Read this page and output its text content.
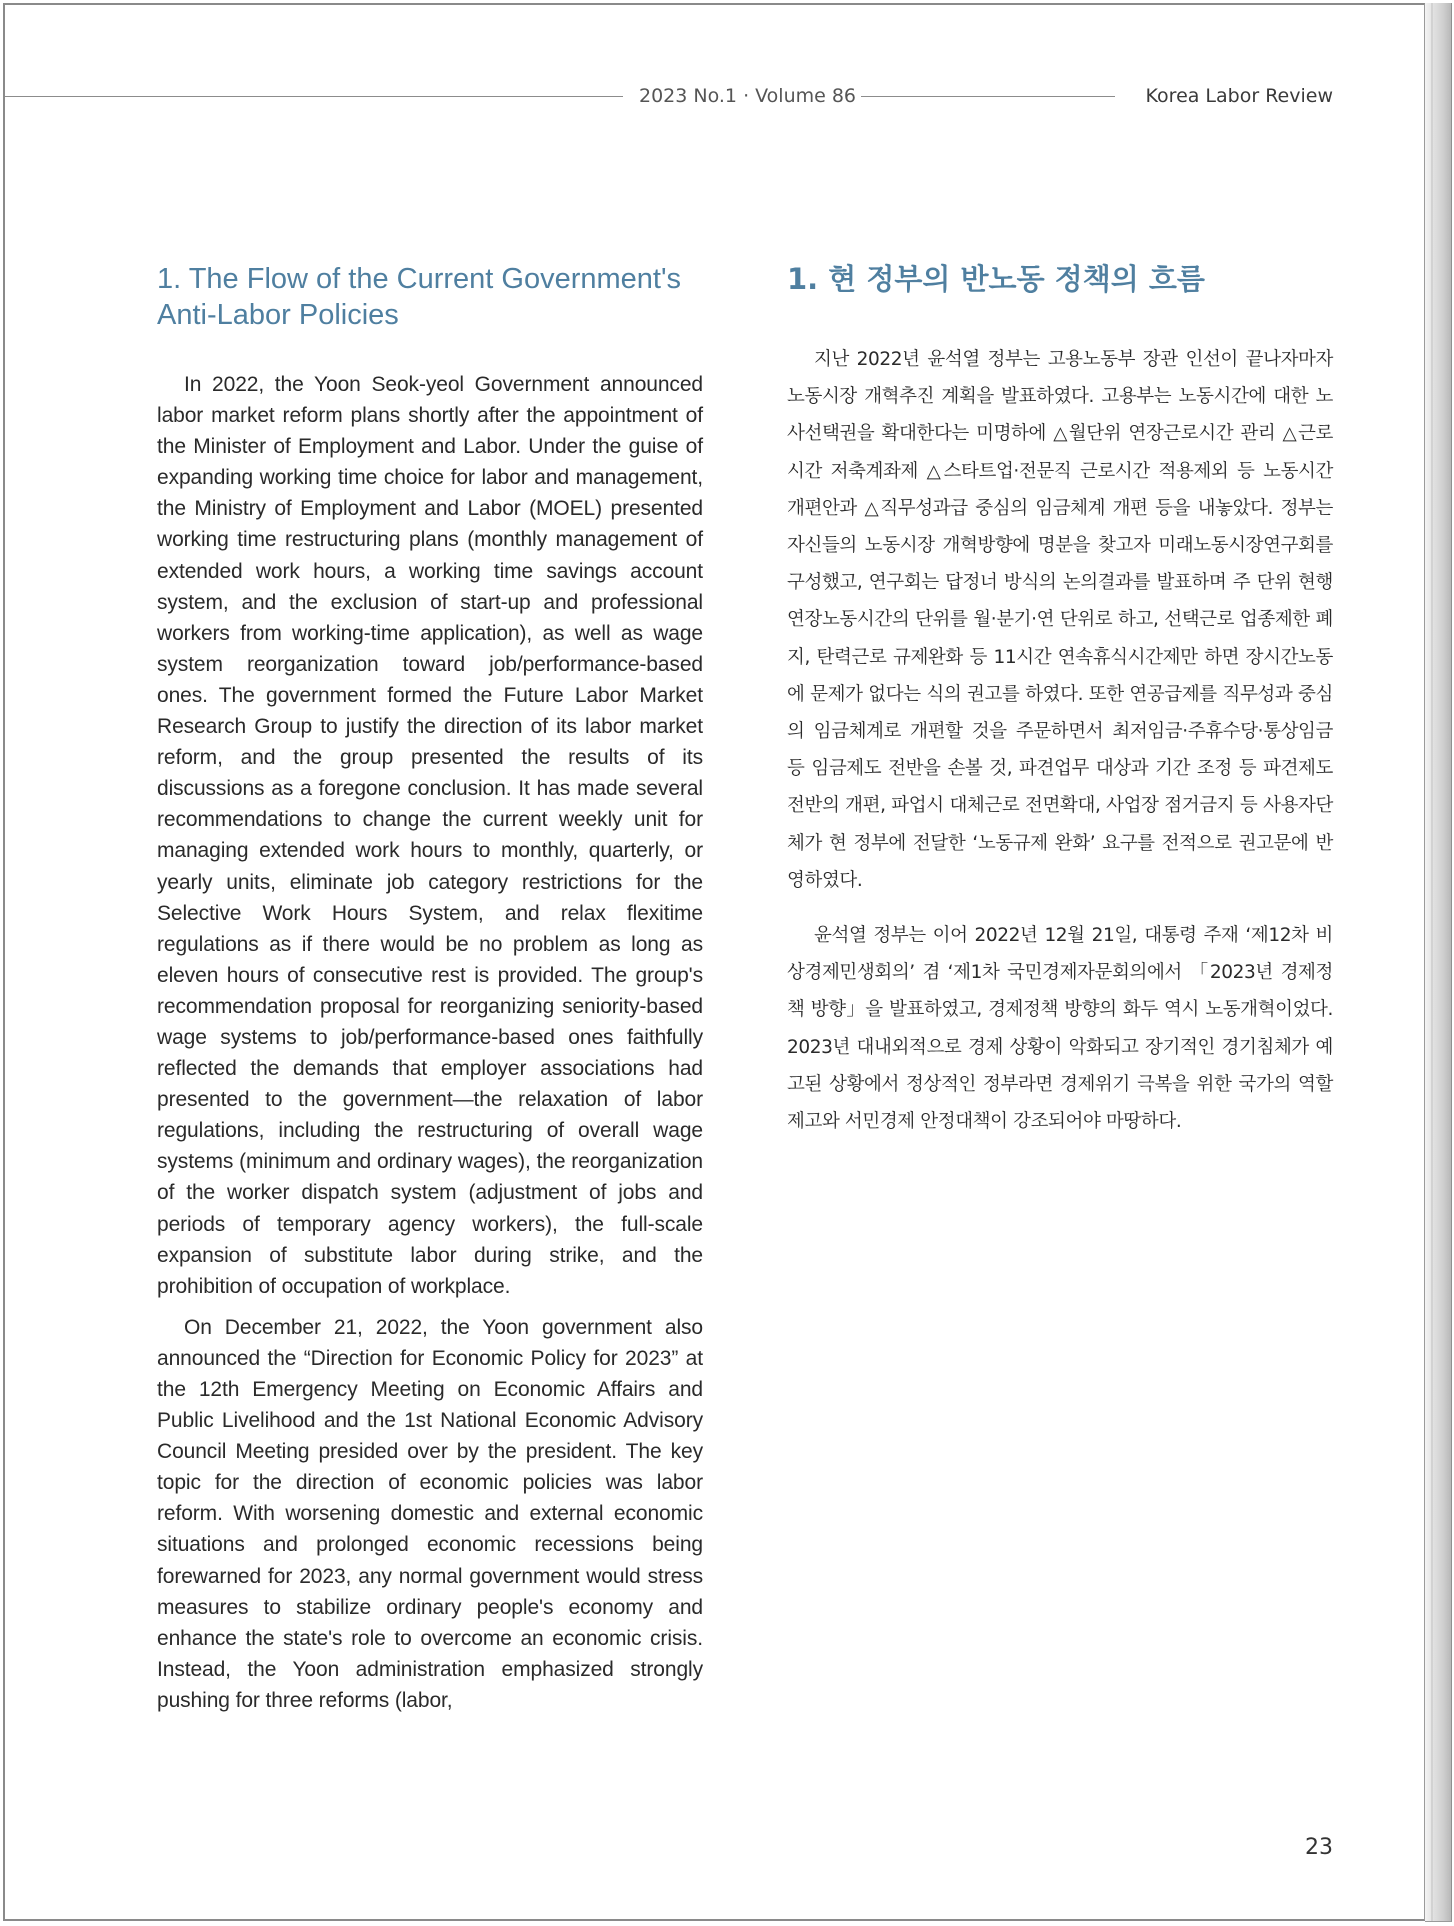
2023 No.1 · Volume 86	Korea Labor Review
1. The Flow of the Current Government's Anti-Labor Policies

In 2022, the Yoon Seok-yeol Government announced labor market reform plans shortly after the appointment of the Minister of Employment and Labor. Under the guise of expanding working time choice for labor and management, the Ministry of Employment and Labor (MOEL) presented working time restructuring plans (monthly management of extended work hours, a working time savings account system, and the exclusion of start-up and professional workers from working-time application), as well as wage system reorganization toward job/performance-based ones. The government formed the Future Labor Market Research Group to justify the direction of its labor market reform, and the group presented the results of its discussions as a foregone conclusion. It has made several recommendations to change the current weekly unit for managing extended work hours to monthly, quarterly, or yearly units, eliminate job category restrictions for the Selective Work Hours System, and relax flexitime regulations as if there would be no problem as long as eleven hours of consecutive rest is provided. The group's recommendation proposal for reorganizing seniority-based wage systems to job/performance-based ones faithfully reflected the demands that employer associations had presented to the government—the relaxation of labor regulations, including the restructuring of overall wage systems (minimum and ordinary wages), the reorganization of the worker dispatch system (adjustment of jobs and periods of temporary agency workers), the full-scale expansion of substitute labor during strike, and the prohibition of occupation of workplace.

On December 21, 2022, the Yoon government also announced the “Direction for Economic Policy for 2023” at the 12th Emergency Meeting on Economic Affairs and Public Livelihood and the 1st National Economic Advisory Council Meeting presided over by the president. The key topic for the direction of economic policies was labor reform. With worsening domestic and external economic situations and prolonged economic recessions being forewarned for 2023, any normal government would stress measures to stabilize ordinary people's economy and enhance the state's role to overcome an economic crisis. Instead, the Yoon administration emphasized strongly pushing for three reforms (labor,

1. 현 정부의 반노동 정책의 흐름

지난 2022년 윤석열 정부는 고용노동부 장관 인선이 끝나자마자 노동시장 개혁추진 계획을 발표하였다. 고용부는 노동시간에 대한 노사선택권을 확대한다는 미명하에 △월단위 연장근로시간 관리 △근로시간 저축계좌제 △스타트업·전문직 근로시간 적용제외 등 노동시간 개편안과 △직무성과급 중심의 임금체계 개편 등을 내놓았다. 정부는 자신들의 노동시장 개혁방향에 명분을 찾고자 미래노동시장연구회를 구성했고, 연구회는 답정너 방식의 논의결과를 발표하며 주 단위 현행 연장노동시간의 단위를 월·분기·연 단위로 하고, 선택근로 업종제한 폐지, 탄력근로 규제완화 등 11시간 연속휴식시간제만 하면 장시간노동에 문제가 없다는 식의 권고를 하였다. 또한 연공급제를 직무성과 중심의 임금체계로 개편할 것을 주문하면서 최저임금·주휴수당·통상임금 등 임금제도 전반을 손볼 것, 파견업무 대상과 기간 조정 등 파견제도 전반의 개편, 파업시 대체근로 전면확대, 사업장 점거금지 등 사용자단체가 현 정부에 전달한 ‘노동규제 완화’ 요구를 전적으로 권고문에 반영하였다.

윤석열 정부는 이어 2022년 12월 21일, 대통령 주재 ‘제12차 비상경제민생회의’ 겸 ‘제1차 국민경제자문회의에서 「2023년 경제정책 방향」을 발표하였고, 경제정책 방향의 화두 역시 노동개혁이었다. 2023년 대내외적으로 경제 상황이 악화되고 장기적인 경기침체가 예고된 상황에서 정상적인 정부라면 경제위기 극복을 위한 국가의 역할 제고와 서민경제 안정대책이 강조되어야 마땅하다.

23
